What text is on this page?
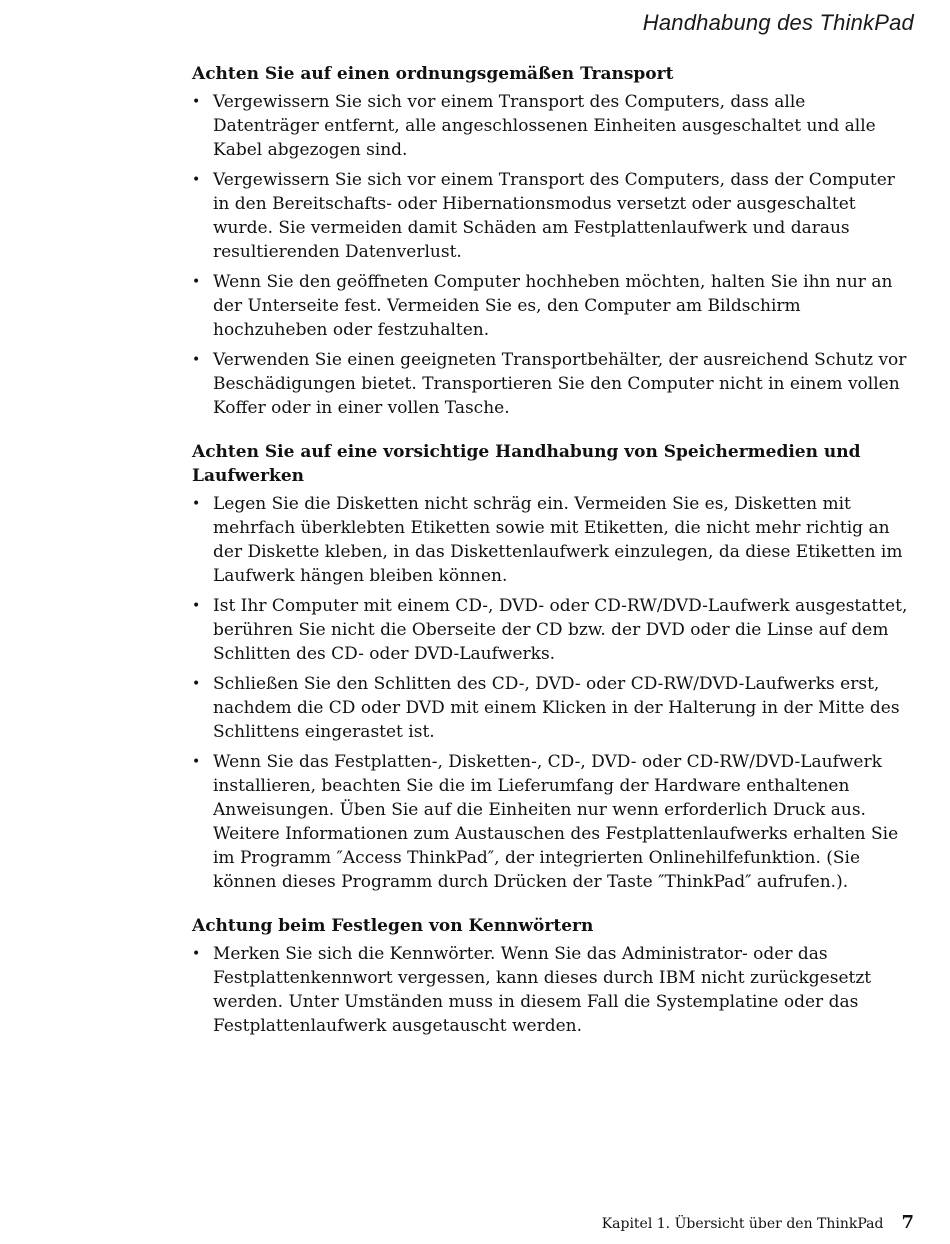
Handhabung des ThinkPad
Achten Sie auf einen ordnungsgemäßen Transport
• Vergewissern Sie sich vor einem Transport des Computers, dass alle Datenträger entfernt, alle angeschlossenen Einheiten ausgeschaltet und alle Kabel abgezogen sind.
• Vergewissern Sie sich vor einem Transport des Computers, dass der Computer in den Bereitschafts- oder Hibernationsmodus versetzt oder ausgeschaltet wurde. Sie vermeiden damit Schäden am Festplattenlaufwerk und daraus resultierenden Datenverlust.
• Wenn Sie den geöffneten Computer hochheben möchten, halten Sie ihn nur an der Unterseite fest. Vermeiden Sie es, den Computer am Bildschirm hochzuheben oder festzuhalten.
• Verwenden Sie einen geeigneten Transportbehälter, der ausreichend Schutz vor Beschädigungen bietet. Transportieren Sie den Computer nicht in einem vollen Koffer oder in einer vollen Tasche.
Achten Sie auf eine vorsichtige Handhabung von Speichermedien und Laufwerken
• Legen Sie die Disketten nicht schräg ein. Vermeiden Sie es, Disketten mit mehrfach überklebten Etiketten sowie mit Etiketten, die nicht mehr richtig an der Diskette kleben, in das Diskettenlaufwerk einzulegen, da diese Etiketten im Laufwerk hängen bleiben können.
• Ist Ihr Computer mit einem CD-, DVD- oder CD-RW/DVD-Laufwerk ausgestattet, berühren Sie nicht die Oberseite der CD bzw. der DVD oder die Linse auf dem Schlitten des CD- oder DVD-Laufwerks.
• Schließen Sie den Schlitten des CD-, DVD- oder CD-RW/DVD-Laufwerks erst, nachdem die CD oder DVD mit einem Klicken in der Halterung in der Mitte des Schlittens eingerastet ist.
• Wenn Sie das Festplatten-, Disketten-, CD-, DVD- oder CD-RW/DVD-Laufwerk installieren, beachten Sie die im Lieferumfang der Hardware enthaltenen Anweisungen. Üben Sie auf die Einheiten nur wenn erforderlich Druck aus. Weitere Informationen zum Austauschen des Festplattenlaufwerks erhalten Sie im Programm ″Access ThinkPad″, der integrierten Onlinehilfefunktion. (Sie können dieses Programm durch Drücken der Taste ″ThinkPad″ aufrufen.).
Achtung beim Festlegen von Kennwörtern
• Merken Sie sich die Kennwörter. Wenn Sie das Administrator- oder das Festplattenkennwort vergessen, kann dieses durch IBM nicht zurückgesetzt werden. Unter Umständen muss in diesem Fall die Systemplatine oder das Festplattenlaufwerk ausgetauscht werden.
Kapitel 1. Übersicht über den ThinkPad 7
